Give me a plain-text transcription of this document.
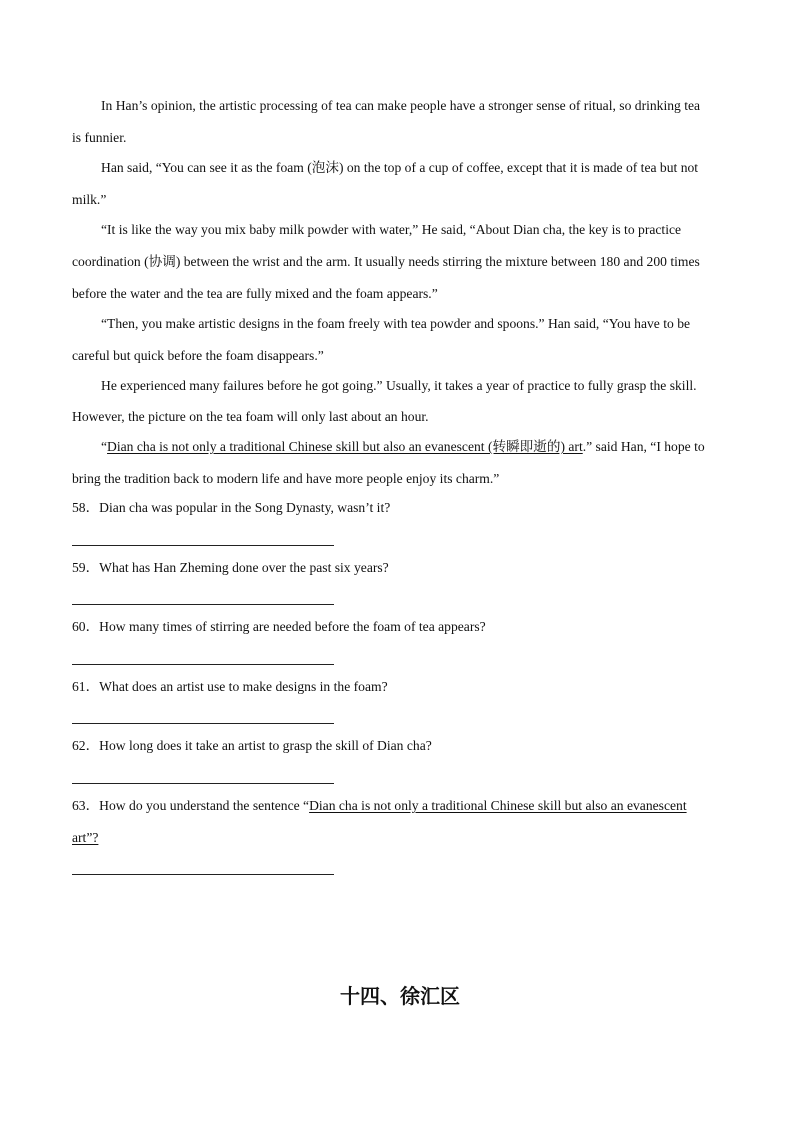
In Han’s opinion, the artistic processing of tea can make people have a stronger sense of ritual, so drinking tea
is funnier.
Han said, “You can see it as the foam (泡沫) on the top of a cup of coffee, except that it is made of tea but not
milk.”
“It is like the way you mix baby milk powder with water,” He said, “About Dian cha, the key is to practice
coordination (协调) between the wrist and the arm. It usually needs stirring the mixture between 180 and 200 times
before the water and the tea are fully mixed and the foam appears.”
“Then, you make artistic designs in the foam freely with tea powder and spoons.” Han said, “You have to be
careful but quick before the foam disappears.”
He experienced many failures before he got going.” Usually, it takes a year of practice to fully grasp the skill.
However, the picture on the tea foam will only last about an hour.
“Dian cha is not only a traditional Chinese skill but also an evanescent (转瞬即逝的) art.” said Han, “I hope to
bring the tradition back to modern life and have more people enjoy its charm.”
58．Dian cha was popular in the Song Dynasty, wasn’t it?
59．What has Han Zheming done over the past six years?
60．How many times of stirring are needed before the foam of tea appears?
61．What does an artist use to make designs in the foam?
62．How long does it take an artist to grasp the skill of Dian cha?
63．How do you understand the sentence “Dian cha is not only a traditional Chinese skill but also an evanescent
art”?
十四、徐汇区
